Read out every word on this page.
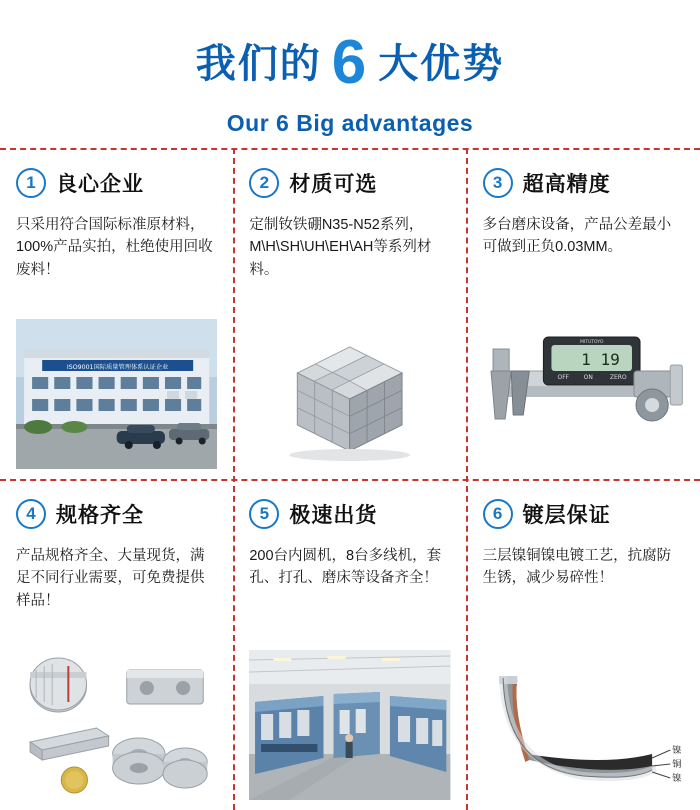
我们的 6 大优势
Our 6 Big advantages
1 良心企业
只采用符合国际标准原材料，100%产品实拍，杜绝使用回收废料！
ISO9001国际质量管理体系认证企业
2 材质可选
定制钕铁硼N35-N52系列，M\H\SH\UH\EH\AH等系列材料。
3 超高精度
多台磨床设备，产品公差最小可做到正负0.03MM。
1 19
OFF ON	ZERO
MITUTOYO
4 规格齐全
产品规格齐全、大量现货，满足不同行业需要，可免费提供样品！
5 极速出货
200台内圆机，8台多线机，套孔、打孔、磨床等设备齐全！
6 镀层保证
三层镍铜镍电镀工艺，抗腐防生锈，减少易碎性！
镍
铜
镍
